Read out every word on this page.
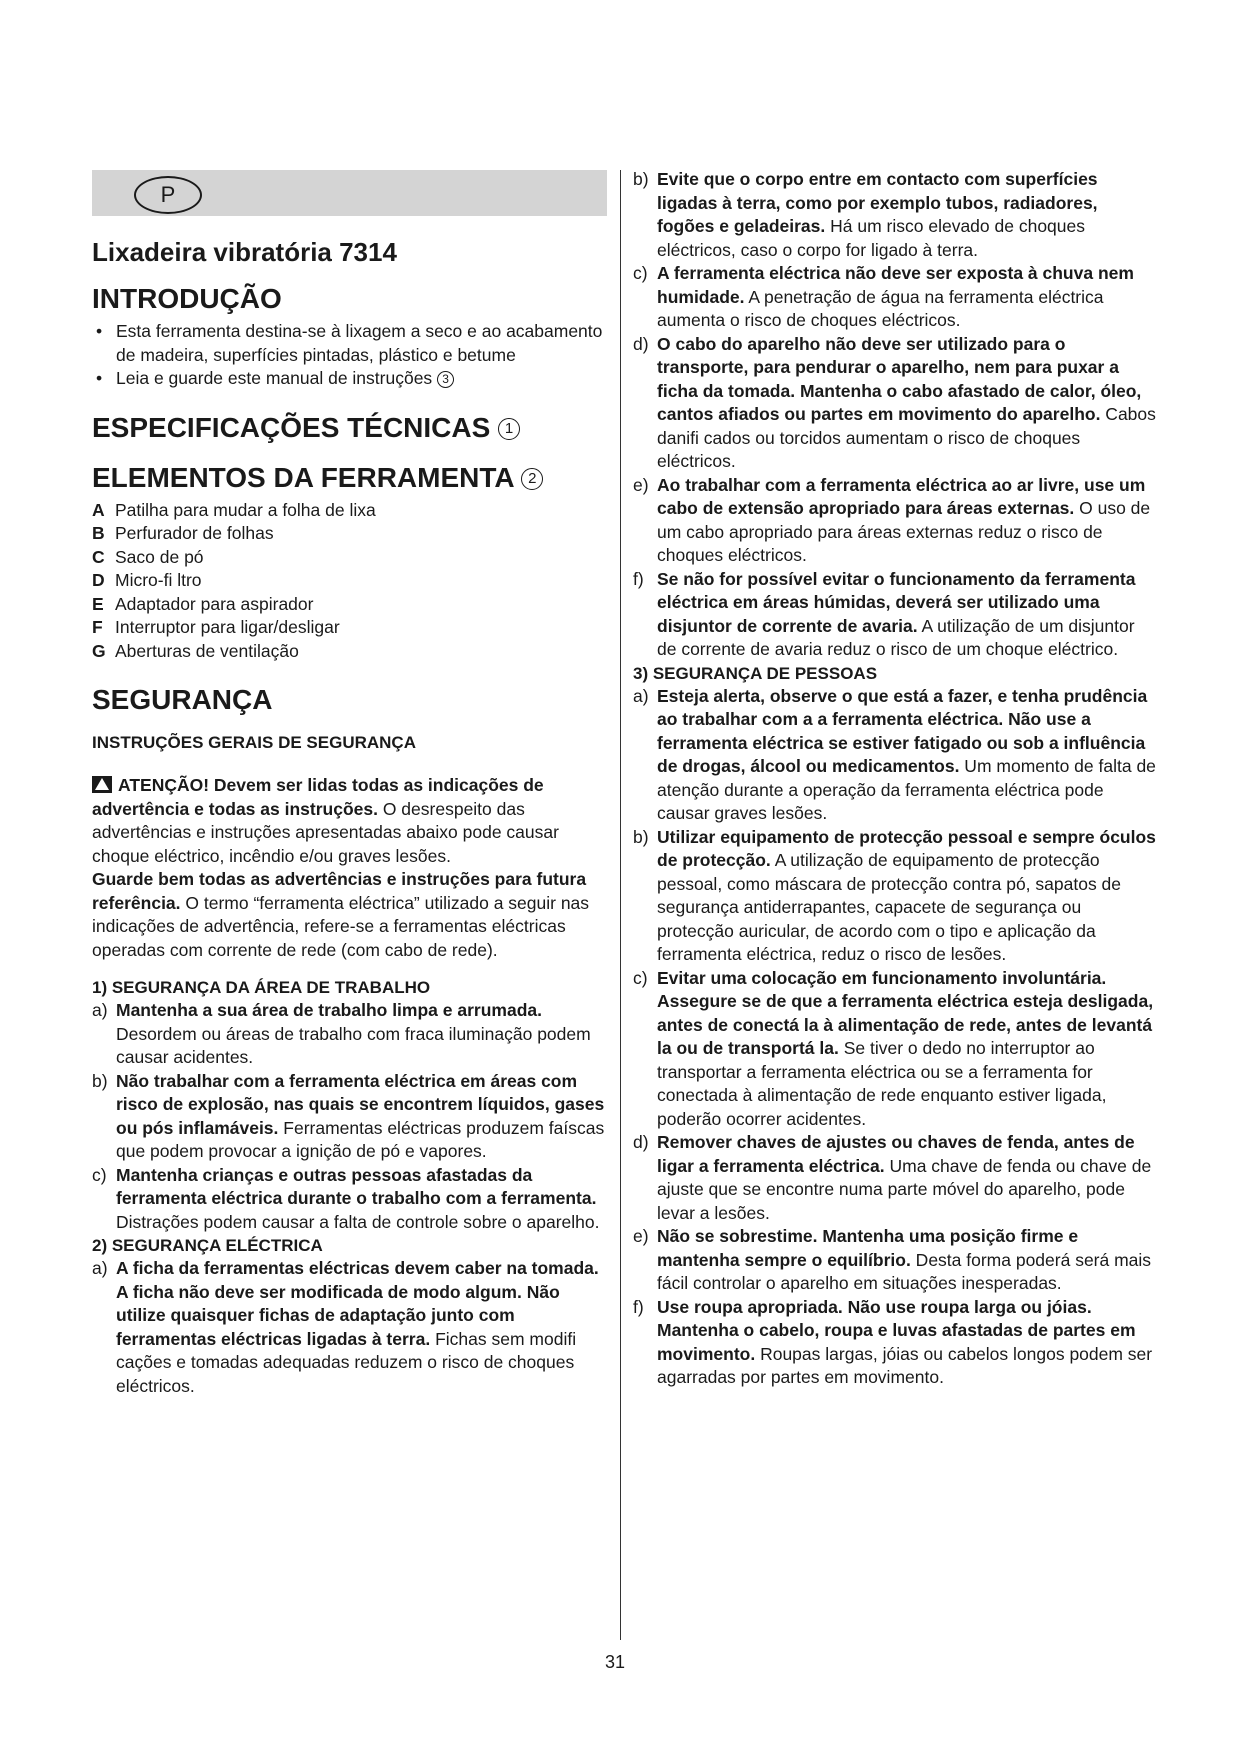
P
Lixadeira vibratória 7314
INTRODUÇÃO
• Esta ferramenta destina-se à lixagem a seco e ao acabamento de madeira, superfícies pintadas, plástico e betume
• Leia e guarde este manual de instruções 3
ESPECIFICAÇÕES TÉCNICAS 1
ELEMENTOS DA FERRAMENTA 2
A Patilha para mudar a folha de lixa
B Perfurador de folhas
C Saco de pó
D Micro-fi ltro
E Adaptador para aspirador
F Interruptor para ligar/desligar
G Aberturas de ventilação
SEGURANÇA
INSTRUÇÕES GERAIS DE SEGURANÇA

ATENÇÃO! Devem ser lidas todas as indicações de advertência e todas as instruções. O desrespeito das advertências e instruções apresentadas abaixo pode causar choque eléctrico, incêndio e/ou graves lesões.

Guarde bem todas as advertências e instruções para futura referência. O termo “ferramenta eléctrica” utilizado a seguir nas indicações de advertência, refere-se a ferramentas eléctricas operadas com corrente de rede (com cabo de rede).

1) SEGURANÇA DA ÁREA DE TRABALHO
a) Mantenha a sua área de trabalho limpa e arrumada. Desordem ou áreas de trabalho com fraca iluminação podem causar acidentes.
b) Não trabalhar com a ferramenta eléctrica em áreas com risco de explosão, nas quais se encontrem líquidos, gases ou pós inflamáveis. Ferramentas eléctricas produzem faíscas que podem provocar a ignição de pó e vapores.
c) Mantenha crianças e outras pessoas afastadas da ferramenta eléctrica durante o trabalho com a ferramenta. Distrações podem causar a falta de controle sobre o aparelho.
2) SEGURANÇA ELÉCTRICA
a) A ficha da ferramentas eléctricas devem caber na tomada. A ficha não deve ser modificada de modo algum. Não utilize quaisquer fichas de adaptação junto com ferramentas eléctricas ligadas à terra. Fichas sem modifi cações e tomadas adequadas reduzem o risco de choques eléctricos.
b) Evite que o corpo entre em contacto com superfícies ligadas à terra, como por exemplo tubos, radiadores, fogões e geladeiras. Há um risco elevado de choques eléctricos, caso o corpo for ligado à terra.
c) A ferramenta eléctrica não deve ser exposta à chuva nem humidade. A penetração de água na ferramenta eléctrica aumenta o risco de choques eléctricos.
d) O cabo do aparelho não deve ser utilizado para o transporte, para pendurar o aparelho, nem para puxar a ficha da tomada. Mantenha o cabo afastado de calor, óleo, cantos afiados ou partes em movimento do aparelho. Cabos danifi cados ou torcidos aumentam o risco de choques eléctricos.
e) Ao trabalhar com a ferramenta eléctrica ao ar livre, use um cabo de extensão apropriado para áreas externas. O uso de um cabo apropriado para áreas externas reduz o risco de choques eléctricos.
f) Se não for possível evitar o funcionamento da ferramenta eléctrica em áreas húmidas, deverá ser utilizado uma disjuntor de corrente de avaria. A utilização de um disjuntor de corrente de avaria reduz o risco de um choque eléctrico.
3) SEGURANÇA DE PESSOAS
a) Esteja alerta, observe o que está a fazer, e tenha prudência ao trabalhar com a a ferramenta eléctrica. Não use a ferramenta eléctrica se estiver fatigado ou sob a influência de drogas, álcool ou medicamentos. Um momento de falta de atenção durante a operação da ferramenta eléctrica pode causar graves lesões.
b) Utilizar equipamento de protecção pessoal e sempre óculos de protecção. A utilização de equipamento de protecção pessoal, como máscara de protecção contra pó, sapatos de segurança antiderrapantes, capacete de segurança ou protecção auricular, de acordo com o tipo e aplicação da ferramenta eléctrica, reduz o risco de lesões.
c) Evitar uma colocação em funcionamento involuntária. Assegure se de que a ferramenta eléctrica esteja desligada, antes de conectá la à alimentação de rede, antes de levantá la ou de transportá la. Se tiver o dedo no interruptor ao transportar a ferramenta eléctrica ou se a ferramenta for conectada à alimentação de rede enquanto estiver ligada, poderão ocorrer acidentes.
d) Remover chaves de ajustes ou chaves de fenda, antes de ligar a ferramenta eléctrica. Uma chave de fenda ou chave de ajuste que se encontre numa parte móvel do aparelho, pode levar a lesões.
e) Não se sobrestime. Mantenha uma posição firme e mantenha sempre o equilíbrio. Desta forma poderá será mais fácil controlar o aparelho em situações inesperadas.
f) Use roupa apropriada. Não use roupa larga ou jóias. Mantenha o cabelo, roupa e luvas afastadas de partes em movimento. Roupas largas, jóias ou cabelos longos podem ser agarradas por partes em movimento.
31
